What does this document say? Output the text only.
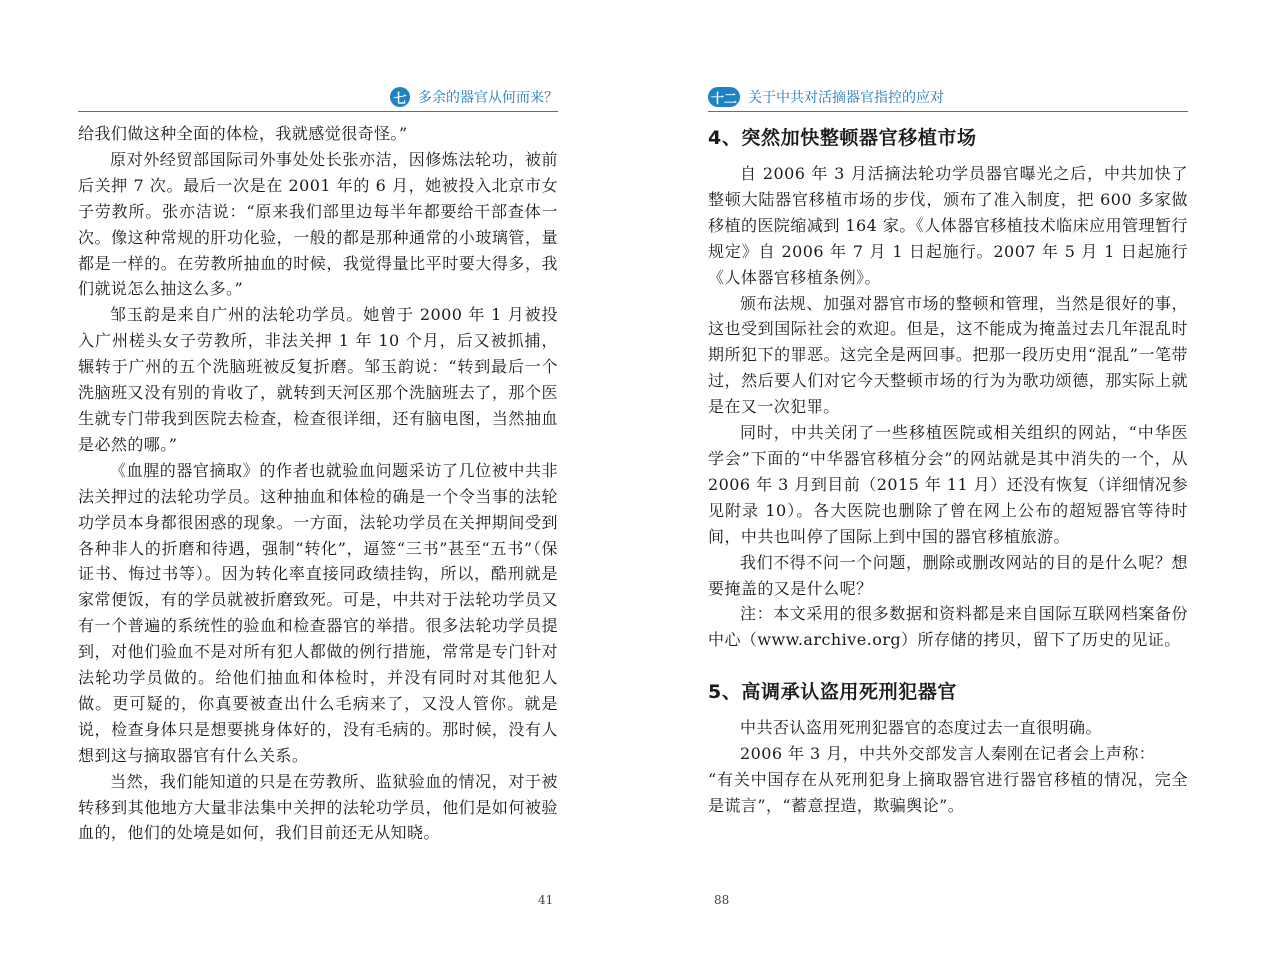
七 多余的器官从何而来？

给我们做这种全面的体检，我就感觉很奇怪。”

原对外经贸部国际司外事处处长张亦洁，因修炼法轮功，被前后关押 7 次。最后一次是在 2001 年的 6 月，她被投入北京市女子劳教所。张亦洁说：“原来我们部里边每半年都要给干部查体一次。像这种常规的肝功化验，一般的都是那种通常的小玻璃管，量都是一样的。在劳教所抽血的时候，我觉得量比平时要大得多，我们就说怎么抽这么多。”

邹玉韵是来自广州的法轮功学员。她曾于 2000 年 1 月被投入广州槎头女子劳教所，非法关押 1 年 10 个月，后又被抓捕，辗转于广州的五个洗脑班被反复折磨。邹玉韵说：“转到最后一个洗脑班又没有别的肯收了，就转到天河区那个洗脑班去了，那个医生就专门带我到医院去检查，检查很详细，还有脑电图，当然抽血是必然的哪。”

《血腥的器官摘取》的作者也就验血问题采访了几位被中共非法关押过的法轮功学员。这种抽血和体检的确是一个令当事的法轮功学员本身都很困惑的现象。一方面，法轮功学员在关押期间受到各种非人的折磨和待遇，强制“转化”，逼签“三书”甚至“五书”（保证书、悔过书等）。因为转化率直接同政绩挂钩，所以，酷刑就是家常便饭，有的学员就被折磨致死。可是，中共对于法轮功学员又有一个普遍的系统性的验血和检查器官的举措。很多法轮功学员提到，对他们验血不是对所有犯人都做的例行措施，常常是专门针对法轮功学员做的。给他们抽血和体检时，并没有同时对其他犯人做。更可疑的，你真要被查出什么毛病来了，又没人管你。就是说，检查身体只是想要挑身体好的，没有毛病的。那时候，没有人想到这与摘取器官有什么关系。

当然，我们能知道的只是在劳教所、监狱验血的情况，对于被转移到其他地方大量非法集中关押的法轮功学员，他们是如何被验血的，他们的处境是如何，我们目前还无从知晓。

41
十二 关于中共对活摘器官指控的应对
4、突然加快整顿器官移植市场

自 2006 年 3 月活摘法轮功学员器官曝光之后，中共加快了整顿大陆器官移植市场的步伐，颁布了准入制度，把 600 多家做移植的医院缩减到 164 家。《人体器官移植技术临床应用管理暂行规定》自 2006 年 7 月 1 日起施行。2007 年 5 月 1 日起施行《人体器官移植条例》。

颁布法规、加强对器官市场的整顿和管理，当然是很好的事，这也受到国际社会的欢迎。但是，这不能成为掩盖过去几年混乱时期所犯下的罪恶。这完全是两回事。把那一段历史用“混乱”一笔带过，然后要人们对它今天整顿市场的行为为歌功颂德，那实际上就是在又一次犯罪。

同时，中共关闭了一些移植医院或相关组织的网站，“中华医学会”下面的“中华器官移植分会”的网站就是其中消失的一个，从 2006 年 3 月到目前（2015 年 11 月）还没有恢复（详细情况参见附录 10）。各大医院也删除了曾在网上公布的超短器官等待时间，中共也叫停了国际上到中国的器官移植旅游。

我们不得不问一个问题，删除或删改网站的目的是什么呢？想要掩盖的又是什么呢？

注：本文采用的很多数据和资料都是来自国际互联网档案备份中心（www.archive.org）所存储的拷贝，留下了历史的见证。

5、高调承认盗用死刑犯器官

中共否认盗用死刑犯器官的态度过去一直很明确。

2006 年 3 月，中共外交部发言人秦刚在记者会上声称：

“有关中国存在从死刑犯身上摘取器官进行器官移植的情况，完全是谎言”，“蓄意捏造，欺骗舆论”。

88
